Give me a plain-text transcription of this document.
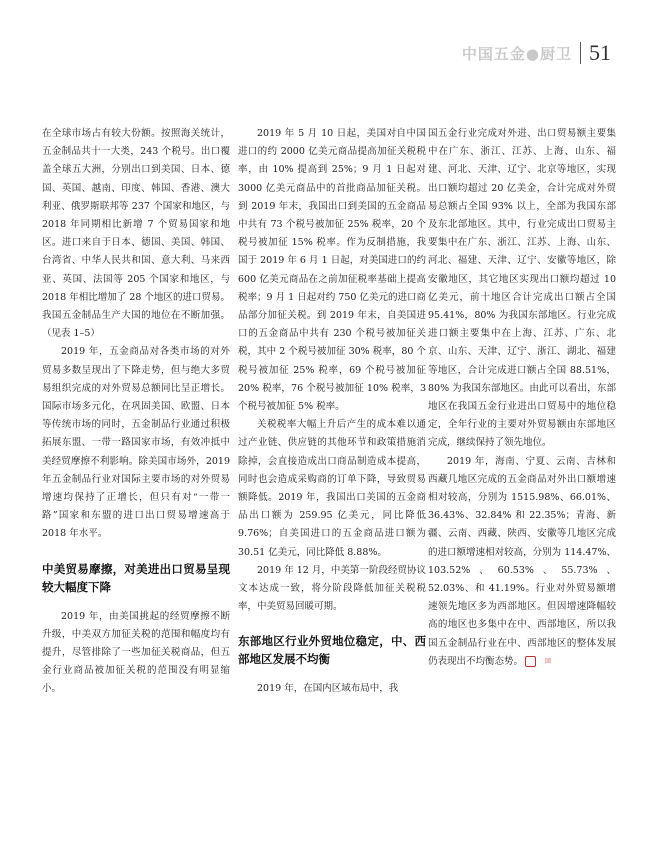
中国五金●厨卫 51

在全球市场占有较大份额。按照海关统计，五金制品共十一大类，243 个税号。出口覆盖全球五大洲，分别出口到美国、日本、德国、英国、越南、印度、韩国、香港、澳大利亚、俄罗斯联邦等 237 个国家和地区，与 2018 年同期相比新增 7 个贸易国家和地区。进口来自于日本、德国、美国、韩国、台湾省、中华人民共和国、意大利、马来西亚、英国、法国等 205 个国家和地区，与 2018 年相比增加了 28 个地区的进口贸易。我国五金制品生产大国的地位在不断加强。（见表 1–5）

2019 年，五金商品对各类市场的对外贸易多数呈现出了下降走势，但与绝大多贸易组织完成的对外贸易总额同比呈正增长。国际市场多元化，在巩固美国、欧盟、日本等传统市场的同时，五金制品行业通过积极拓展东盟、一带一路国家市场，有效冲抵中美经贸摩擦不利影响。除美国市场外，2019 年五金制品行业对国际主要市场的对外贸易增速均保持了正增长，但只有对“一带一路”国家和东盟的进口出口贸易增速高于 2018 年水平。

中美贸易摩擦，对美进出口贸易呈现较大幅度下降

2019 年，由美国挑起的经贸摩擦不断升级，中美双方加征关税的范围和幅度均有提升，尽管排除了一些加征关税商品，但五金行业商品被加征关税的范围没有明显缩小。

2019 年 5 月 10 日起，美国对自中国进口的约 2000 亿美元商品提高加征关税税率，由 10% 提高到 25%；9 月 1 日起对 3000 亿美元商品中的首批商品加征关税。到 2019 年末，我国出口到美国的五金商品中共有 73 个税号被加征 25% 税率，20 个税号被加征 15% 税率。作为反制措施，我国于 2019 年 6 月 1 日起，对美国进口的约 600 亿美元商品在之前加征税率基础上提高税率；9 月 1 日起对约 750 亿美元的进口商品部分加征关税。到 2019 年末，自美国进口的五金商品中共有 230 个税号被加征关税，其中 2 个税号被加征 30% 税率，80 个税号被加征 25% 税率，69 个税号被加征 20% 税率，76 个税号被加征 10% 税率，3 个税号被加征 5% 税率。

关税税率大幅上升后产生的成本难以通过产业链、供应链的其他环节和政策措施消除掉，会直接造成出口商品制造成本提高，同时也会造成采购商的订单下降，导致贸易额降低。2019 年，我国出口美国的五金商品出口额为 259.95 亿美元，同比降低 9.76%；自美国进口的五金商品进口额为 30.51 亿美元，同比降低 8.88%。

2019 年 12 月，中美第一阶段经贸协议文本达成一致，将分阶段降低加征关税税率，中美贸易回暖可期。

东部地区行业外贸地位稳定，中、西部地区发展不均衡

2019 年，在国内区域布局中，我

国五金行业完成对外进、出口贸易额主要集中在广东、浙江、江苏、上海、山东、福建、河北、天津、辽宁、北京等地区，实现出口额均超过 20 亿美金，合计完成对外贸易总额占全国 93% 以上，全部为我国东部及东北部地区。其中，行业完成出口贸易主要集中在广东、浙江、江苏、上海、山东、河北、福建、天津、辽宁、安徽等地区，除安徽地区，其它地区实现出口额均超过 10 亿美元，前十地区合计完成出口额占全国 95.41%，80% 为我国东部地区。行业完成进口额主要集中在上海、江苏、广东、北京、山东、天津、辽宁、浙江、湖北、福建等地区，合计完成进口额占全国 88.51%，80% 为我国东部地区。由此可以看出，东部地区在我国五金行业进出口贸易中的地位稳定，全年行业的主要对外贸易额由东部地区完成，继续保持了领先地位。

2019 年，海南、宁夏、云南、吉林和西藏几地区完成的五金商品对外出口额增速相对较高，分别为 1515.98%、66.01%、36.43%、32.84% 和 22.35%；青海、新疆、云南、西藏、陕西、安徽等几地区完成的进口额增速相对较高，分别为 114.47%、103.52%、60.53%、55.73%、52.03%、和 41.19%。行业对外贸易额增速领先地区多为西部地区。但因增速降幅较高的地区也多集中在中、西部地区，所以我国五金制品行业在中、西部地区的整体发展仍表现出不均衡态势。	回
